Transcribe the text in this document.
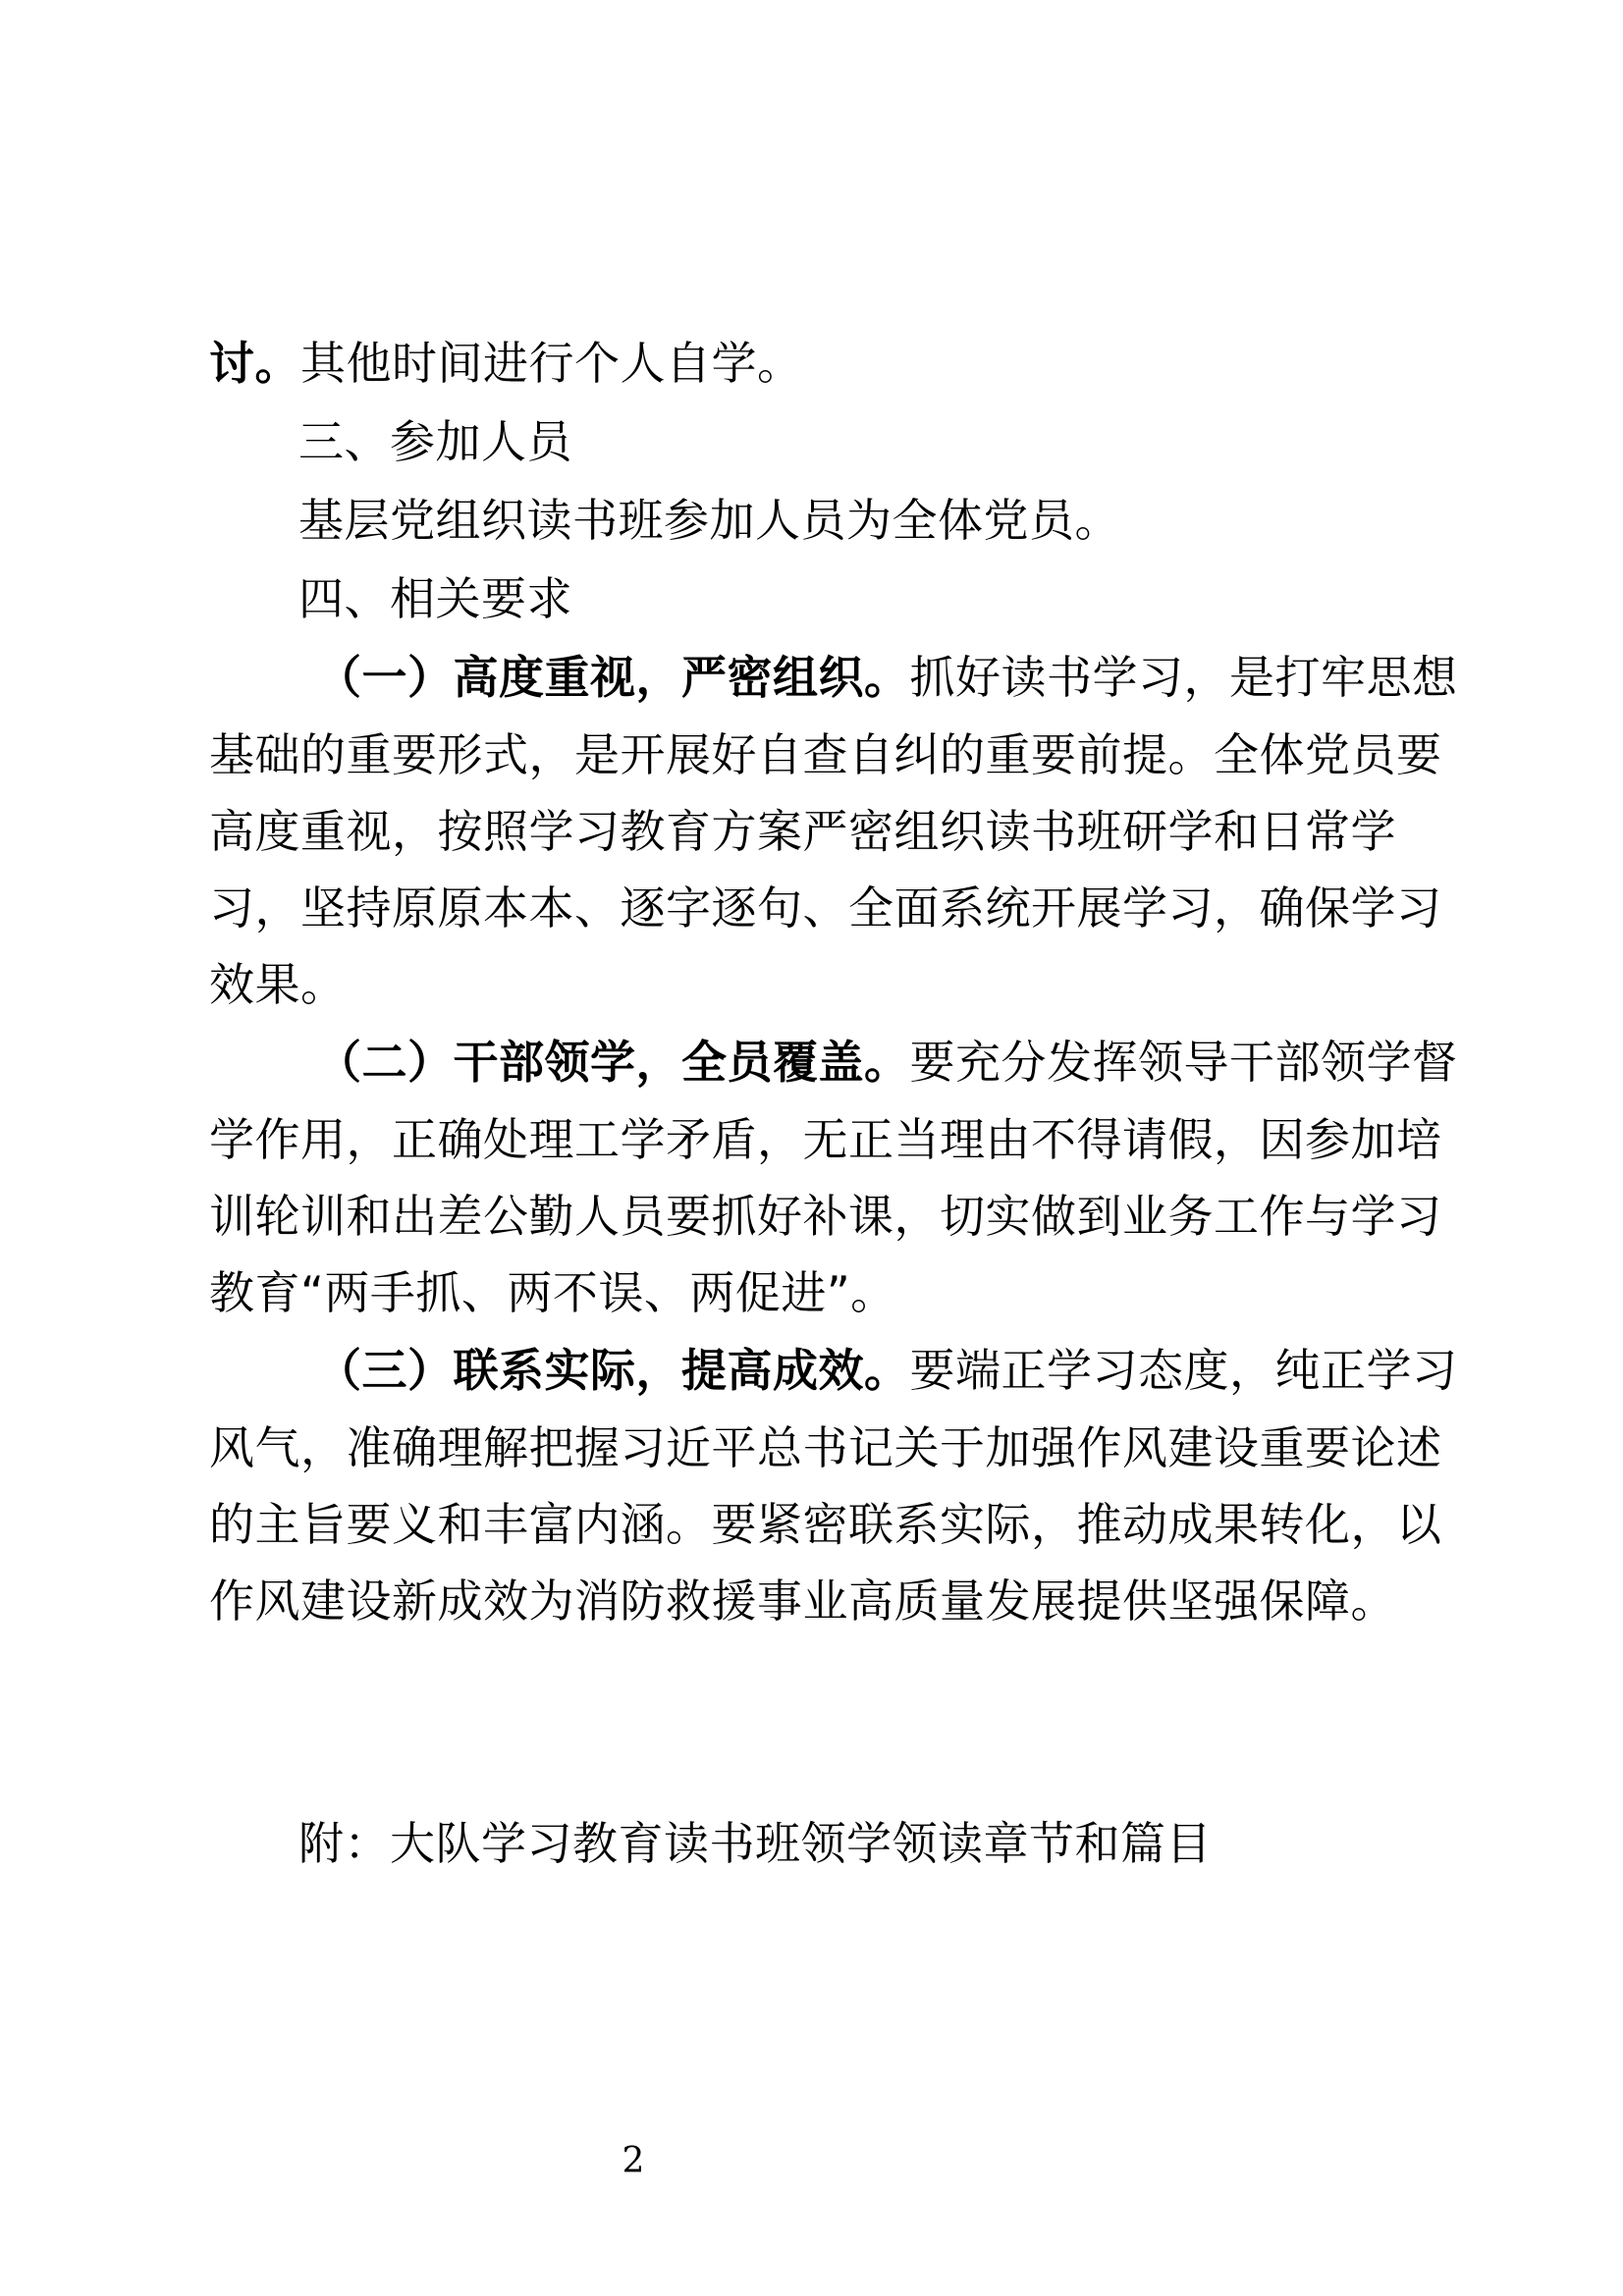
讨。其他时间进行个人自学。
三、参加人员
基层党组织读书班参加人员为全体党员。
四、相关要求
（一）高度重视，严密组织。抓好读书学习，是打牢思想
基础的重要形式，是开展好自查自纠的重要前提。全体党员要
高度重视，按照学习教育方案严密组织读书班研学和日常学
习，坚持原原本本、逐字逐句、全面系统开展学习，确保学习
效果。
（二）干部领学，全员覆盖。要充分发挥领导干部领学督
学作用，正确处理工学矛盾，无正当理由不得请假，因参加培
训轮训和出差公勤人员要抓好补课，切实做到业务工作与学习
教育“两手抓、两不误、两促进”。
（三）联系实际，提高成效。要端正学习态度，纯正学习
风气，准确理解把握习近平总书记关于加强作风建设重要论述
的主旨要义和丰富内涵。要紧密联系实际，推动成果转化，以
作风建设新成效为消防救援事业高质量发展提供坚强保障。
附：大队学习教育读书班领学领读章节和篇目
2
